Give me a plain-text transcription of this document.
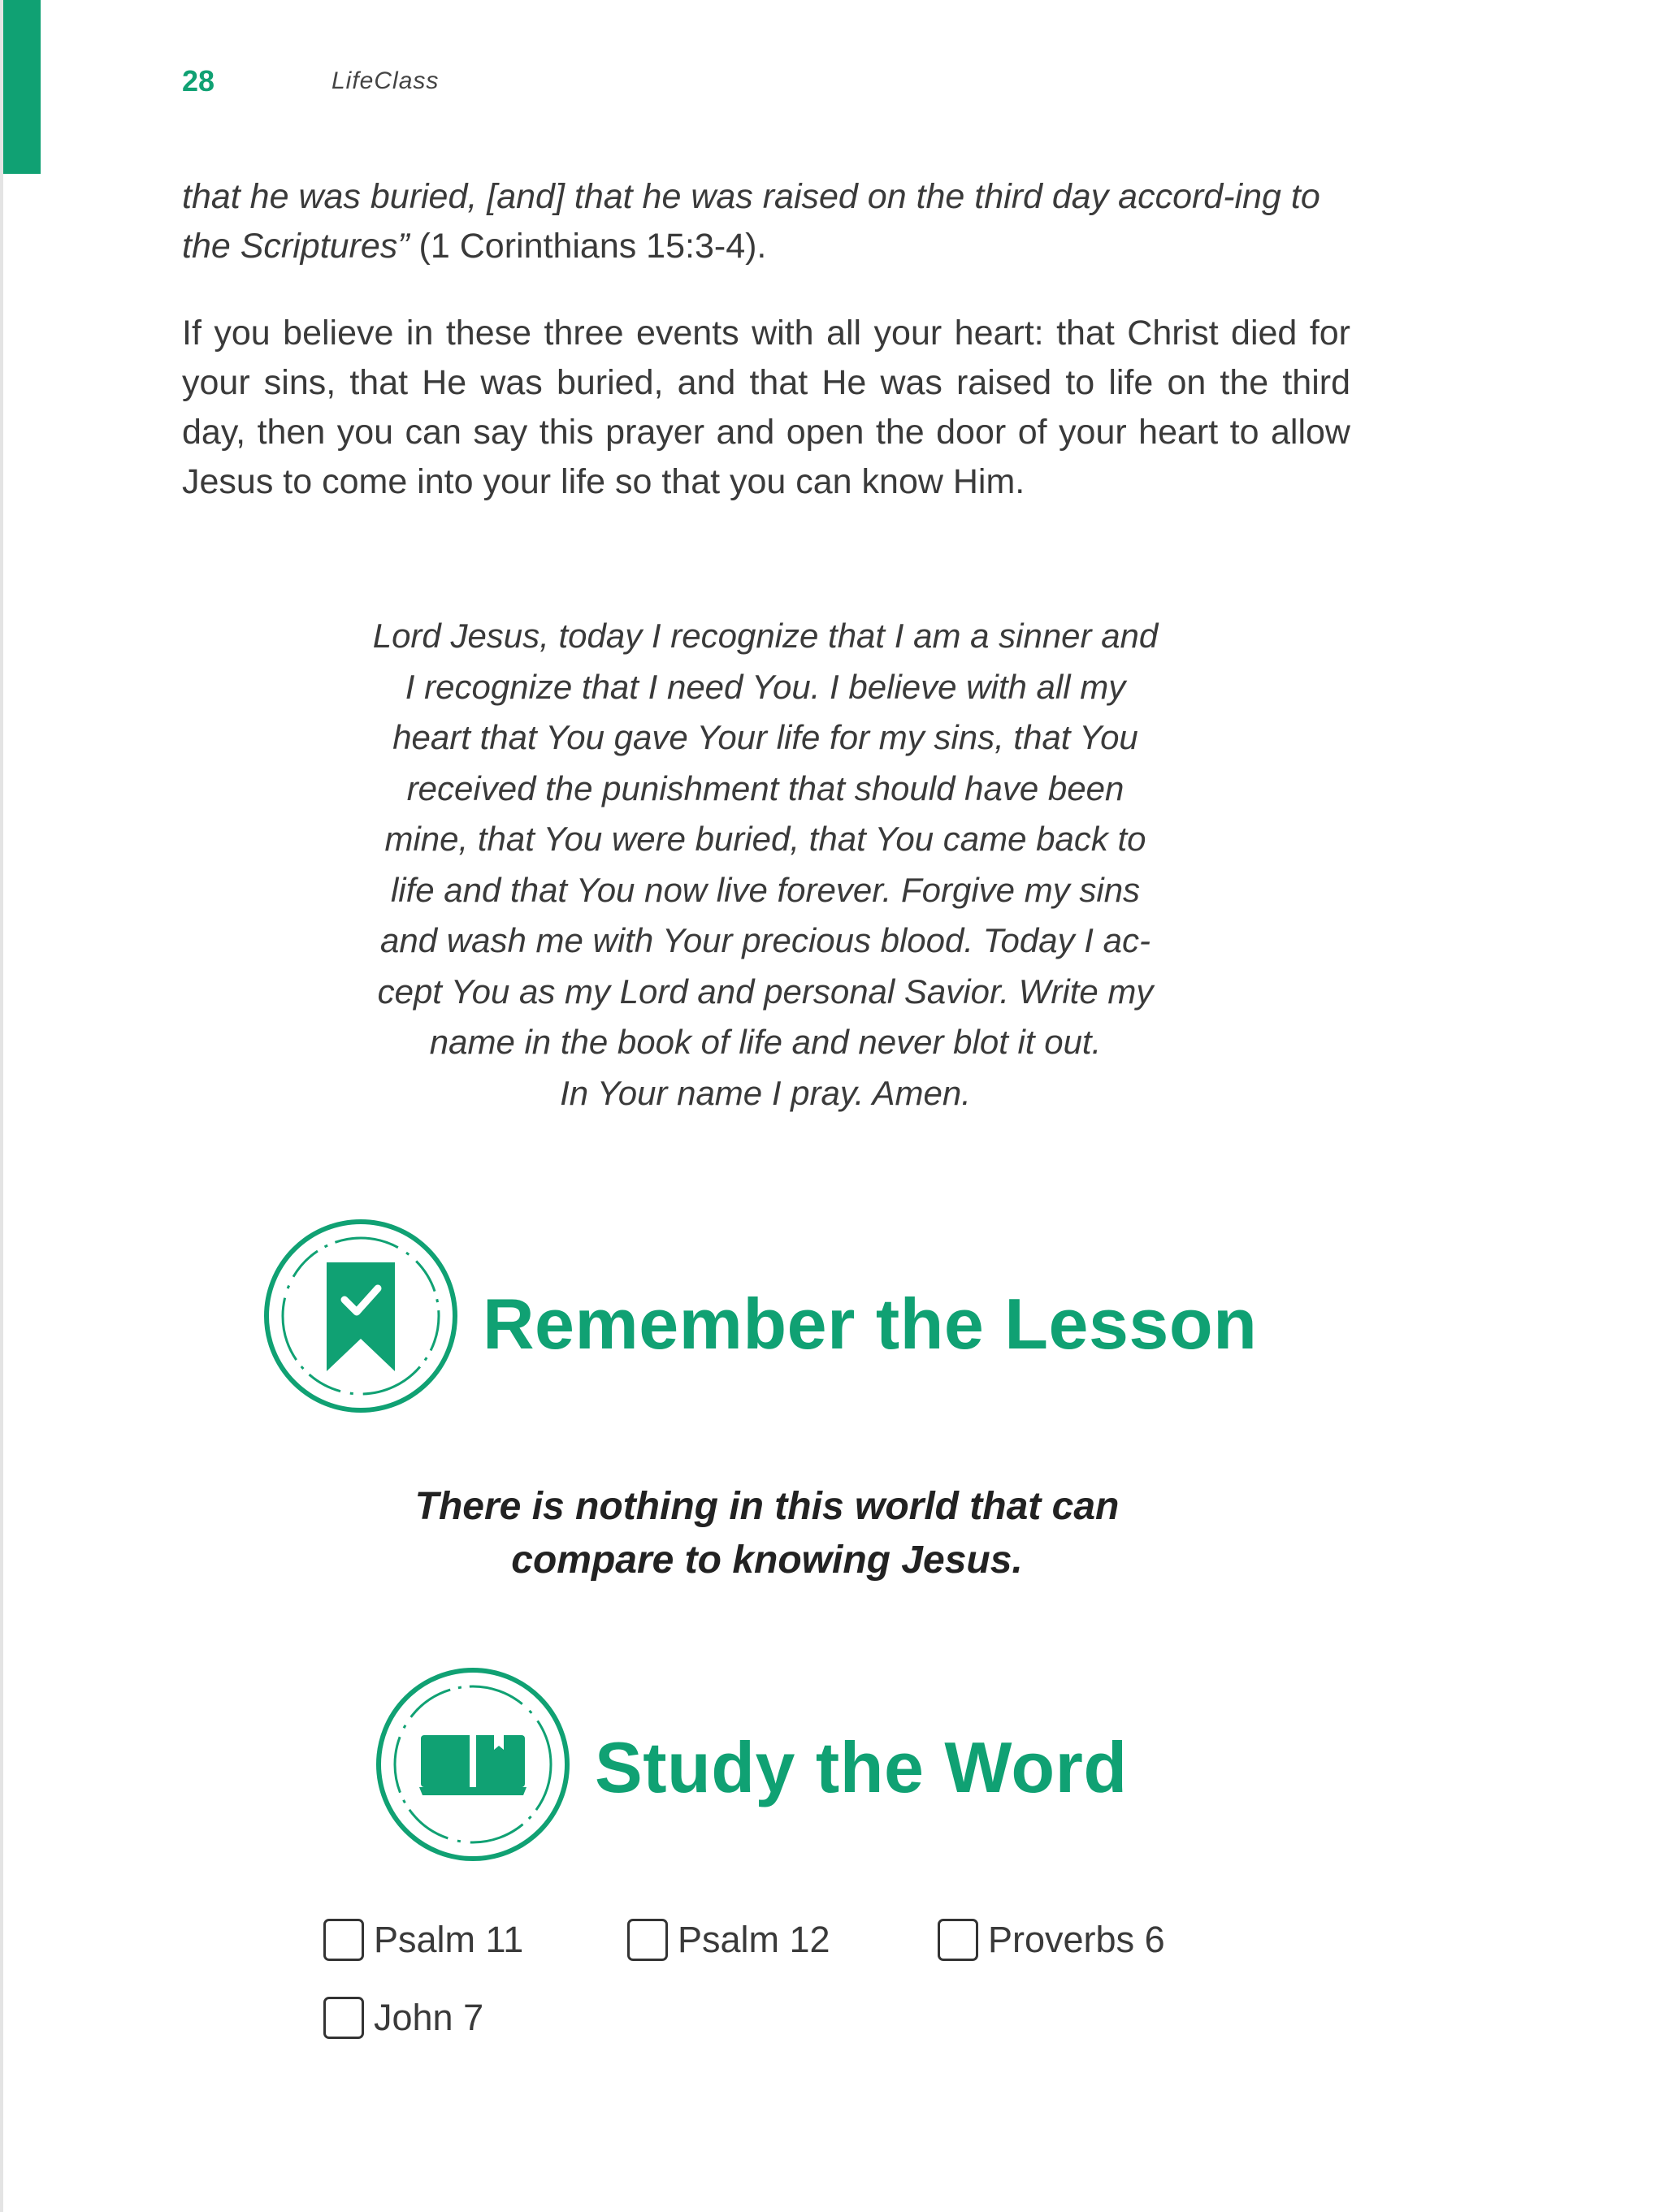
28	LifeClass

that he was buried, [and] that he was raised on the third day accord-ing to the Scriptures” (1 Corinthians 15:3-4).

If you believe in these three events with all your heart: that Christ died for your sins, that He was buried, and that He was raised to life on the third day, then you can say this prayer and open the door of your heart to allow Jesus to come into your life so that you can know Him.

Lord Jesus, today I recognize that I am a sinner and
I recognize that I need You. I believe with all my
heart that You gave Your life for my sins, that You
received the punishment that should have been
mine, that You were buried, that You came back to
life and that You now live forever. Forgive my sins
and wash me with Your precious blood. Today I ac-
cept You as my Lord and personal Savior. Write my
name in the book of life and never blot it out.
In Your name I pray. Amen.
Remember the Lesson
There is nothing in this world that can
compare to knowing Jesus.
Study the Word
Psalm 11	Psalm 12	Proverbs 6
John 7
